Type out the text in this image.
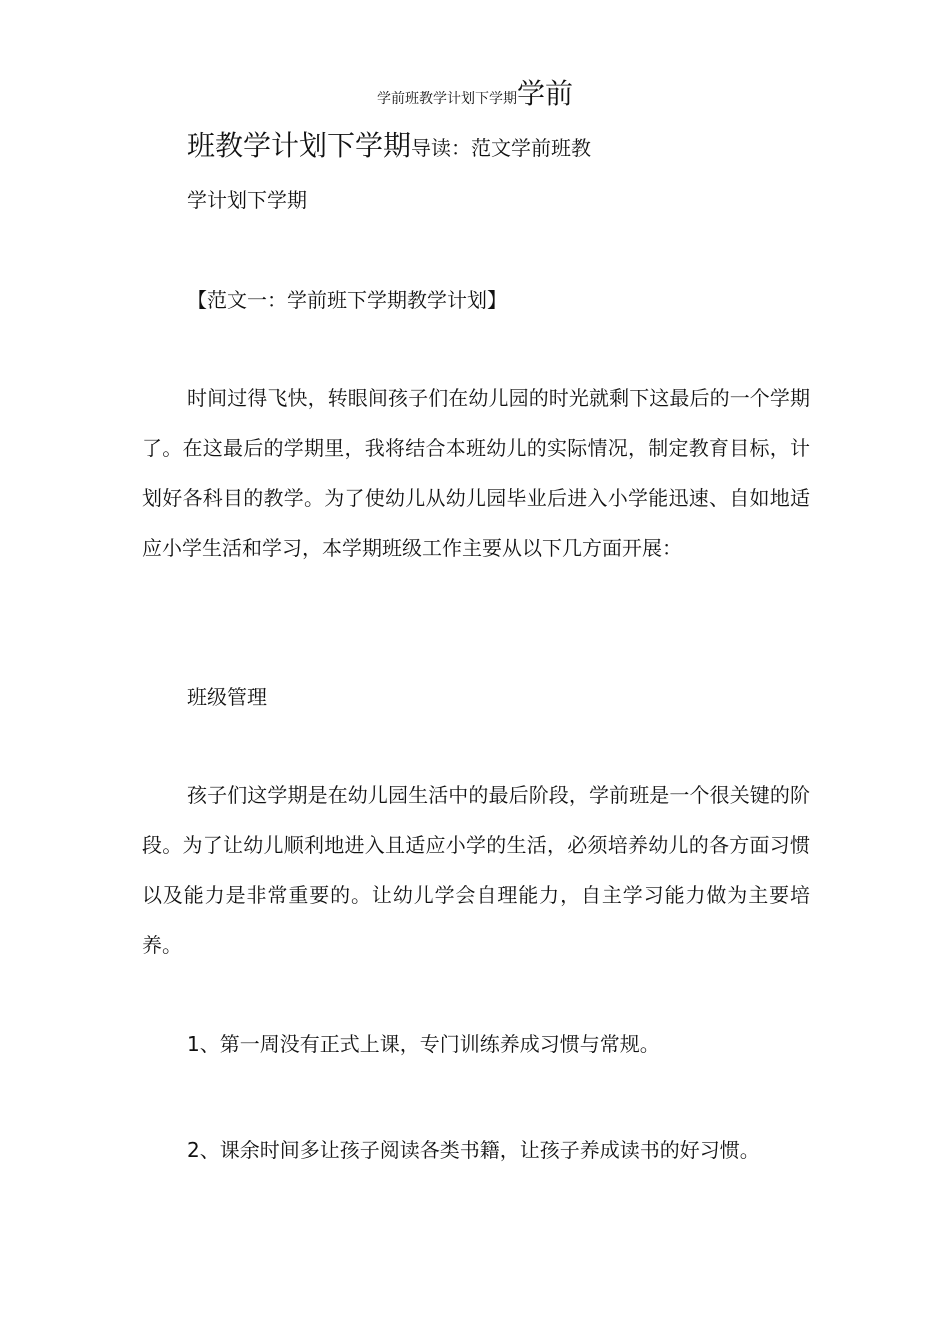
学前班教学计划下学期学前
班教学计划下学期导读：范文学前班教
学计划下学期
【范文一：学前班下学期教学计划】
时间过得飞快，转眼间孩子们在幼儿园的时光就剩下这最后的一个学期了。在这最后的学期里，我将结合本班幼儿的实际情况，制定教育目标，计划好各科目的教学。为了使幼儿从幼儿园毕业后进入小学能迅速、自如地适应小学生活和学习，本学期班级工作主要从以下几方面开展：
班级管理
孩子们这学期是在幼儿园生活中的最后阶段，学前班是一个很关键的阶段。为了让幼儿顺利地进入且适应小学的生活，必须培养幼儿的各方面习惯以及能力是非常重要的。让幼儿学会自理能力，自主学习能力做为主要培养。
1、第一周没有正式上课，专门训练养成习惯与常规。
2、课余时间多让孩子阅读各类书籍，让孩子养成读书的好习惯。
